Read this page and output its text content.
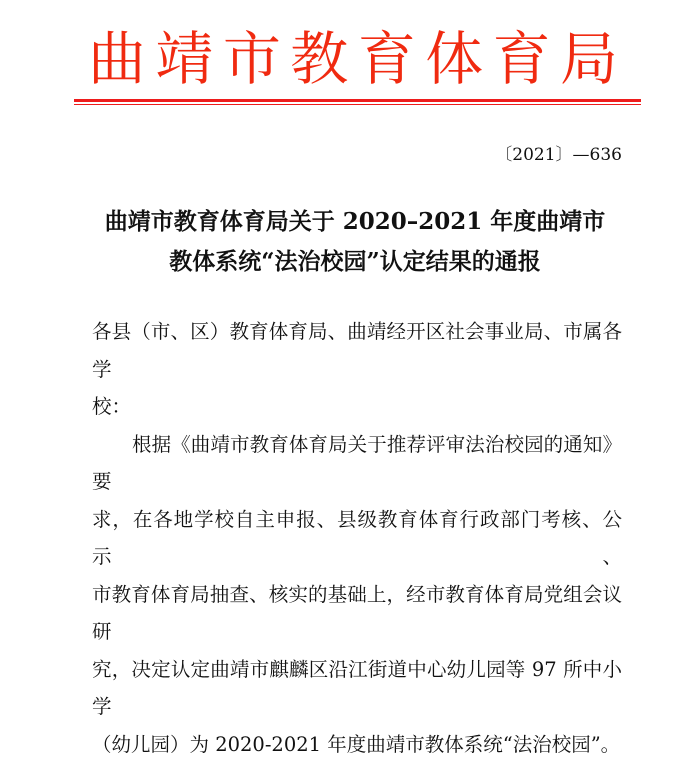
曲 靖 市 教 育 体 育 局
〔2021〕—636
曲靖市教育体育局关于 2020–2021 年度曲靖市
教体系统“法治校园”认定结果的通报

各县（市、区）教育体育局、曲靖经开区社会事业局、市属各学

校：

根据《曲靖市教育体育局关于推荐评审法治校园的通知》要

求，在各地学校自主申报、县级教育体育行政部门考核、公示、

市教育体育局抽查、核实的基础上，经市教育体育局党组会议研

究，决定认定曲靖市麒麟区沿江街道中心幼儿园等 97 所中小学

（幼儿园）为 2020-2021 年度曲靖市教体系统“法治校园”。
